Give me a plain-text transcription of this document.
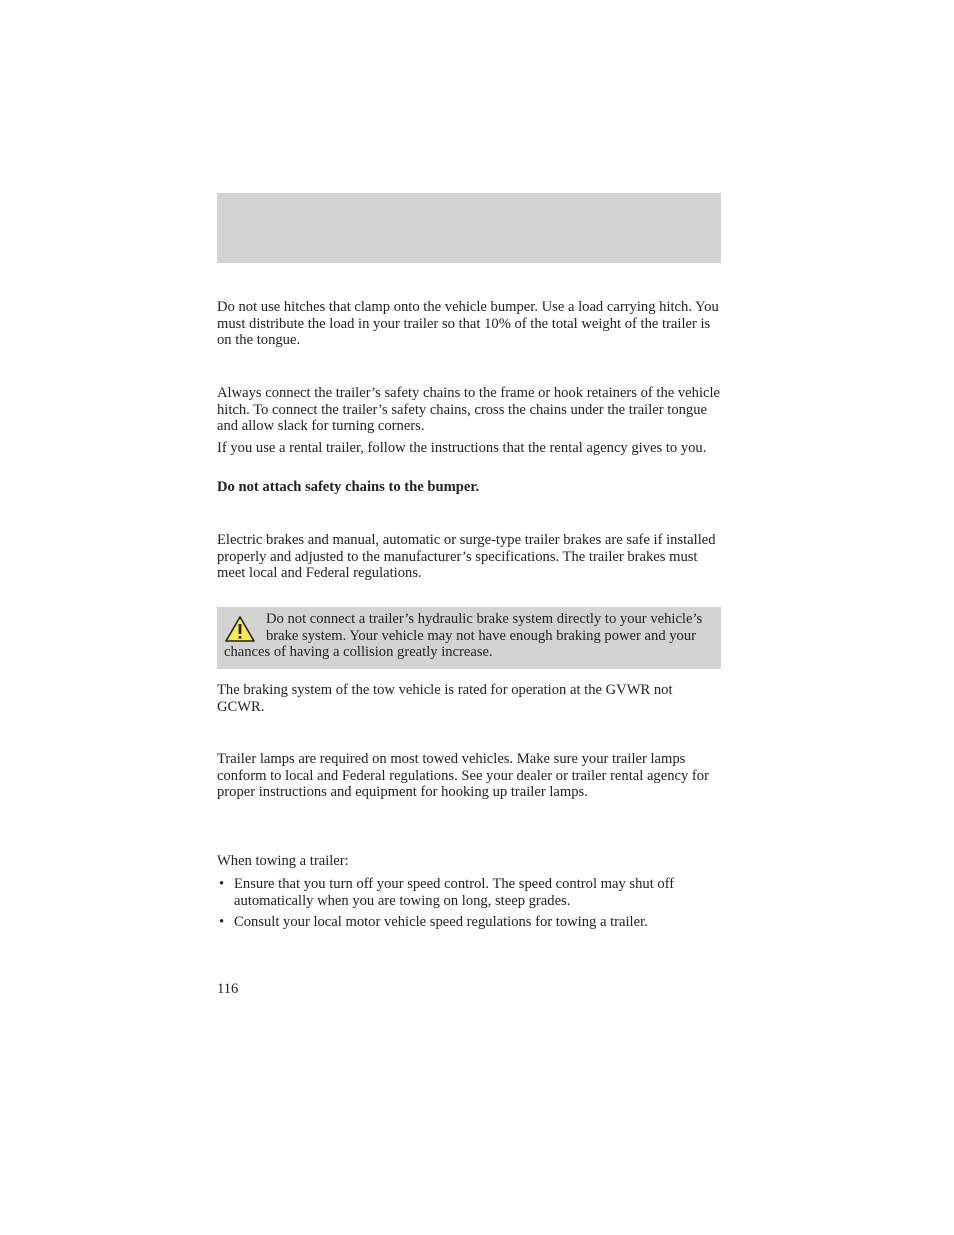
Do not use hitches that clamp onto the vehicle bumper. Use a load carrying hitch. You must distribute the load in your trailer so that 10% of the total weight of the trailer is on the tongue.

Always connect the trailer’s safety chains to the frame or hook retainers of the vehicle hitch. To connect the trailer’s safety chains, cross the chains under the trailer tongue and allow slack for turning corners.

If you use a rental trailer, follow the instructions that the rental agency gives to you.

Do not attach safety chains to the bumper.

Electric brakes and manual, automatic or surge-type trailer brakes are safe if installed properly and adjusted to the manufacturer’s specifications. The trailer brakes must meet local and Federal regulations.

Do not connect a trailer’s hydraulic brake system directly to your vehicle’s brake system. Your vehicle may not have enough braking power and your chances of having a collision greatly increase.

The braking system of the tow vehicle is rated for operation at the GVWR not GCWR.

Trailer lamps are required on most towed vehicles. Make sure your trailer lamps conform to local and Federal regulations. See your dealer or trailer rental agency for proper instructions and equipment for hooking up trailer lamps.

When towing a trailer:

• Ensure that you turn off your speed control. The speed control may shut off automatically when you are towing on long, steep grades.
• Consult your local motor vehicle speed regulations for towing a trailer.
116
